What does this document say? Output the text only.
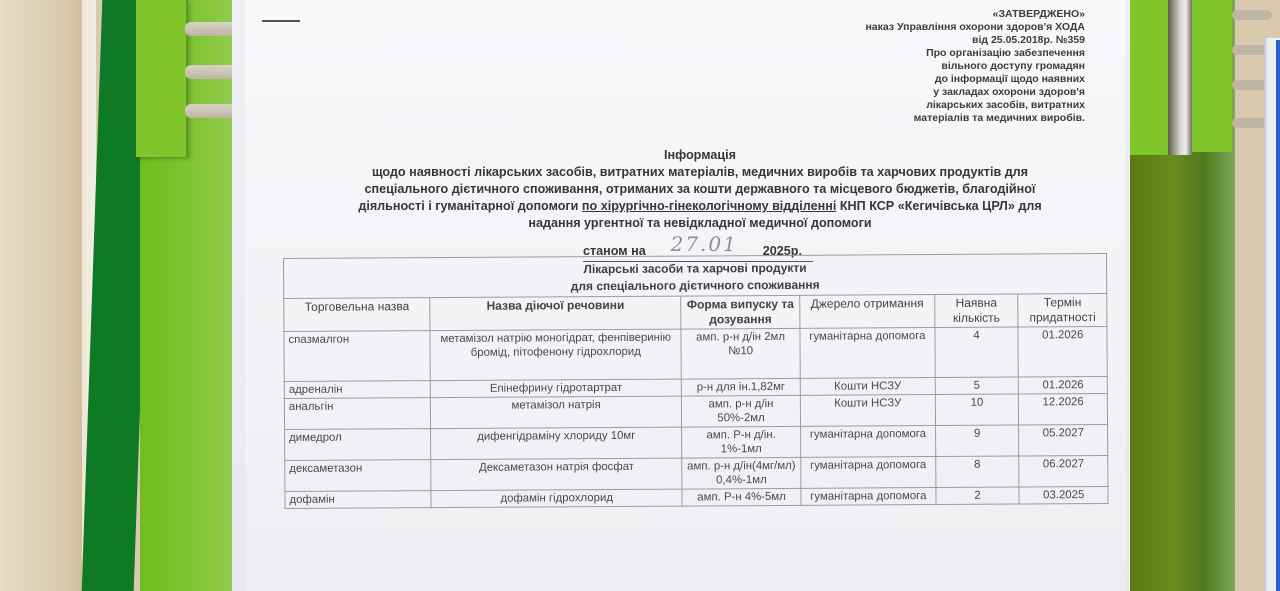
«ЗАТВЕРДЖЕНО»
наказ Управління охорони здоров'я ХОДА
від 25.05.2018р. №359
Про організацію забезпечення
вільного доступу громадян
до інформації щодо наявних
у закладах охорони здоров'я
лікарських засобів, витратних
матеріалів та медичних виробів.
Інформація
щодо наявності лікарських засобів, витратних матеріалів, медичних виробів та харчових продуктів для
спеціального дієтичного споживання, отриманих за кошти державного та місцевого бюджетів, благодійної
діяльності і гуманітарної допомоги по хірургічно-гінекологічному відділенні КНП КСР «Кегичівська ЦРЛ» для
надання ургентної та невідкладної медичної допомоги
станом на 27.01 2025р.
Лікарські засоби та харчові продукти
для спеціального дієтичного споживання					

Торговельна назва	Назва діючої речовини	Форма випуску та дозування	Джерело отримання	Наявна кількість	Термін придатності
спазмалгон	метамізол натрію моногідрат, фенпіверинію бромід, пітофенону гідрохлорид	амп. р-н д/ін 2мл №10	гуманітарна допомога	4	01.2026
адреналін	Епінефрину гідротартрат	р-н для ін.1,82мг	Кошти НСЗУ	5	01.2026
анальгін	метамізол натрія	амп. р-н д/ін 50%-2мл	Кошти НСЗУ	10	12.2026
димедрол	дифенгідраміну хлориду 10мг	амп. Р-н д/ін. 1%-1мл	гуманітарна допомога	9	05.2027
дексаметазон	Дексаметазон натрія фосфат	амп. р-н д/ін(4мг/мл) 0,4%-1мл	гуманітарна допомога	8	06.2027
дофамін	дофамін гідрохлорид	амп. Р-н 4%-5мл	гуманітарна допомога	2	03.2025
